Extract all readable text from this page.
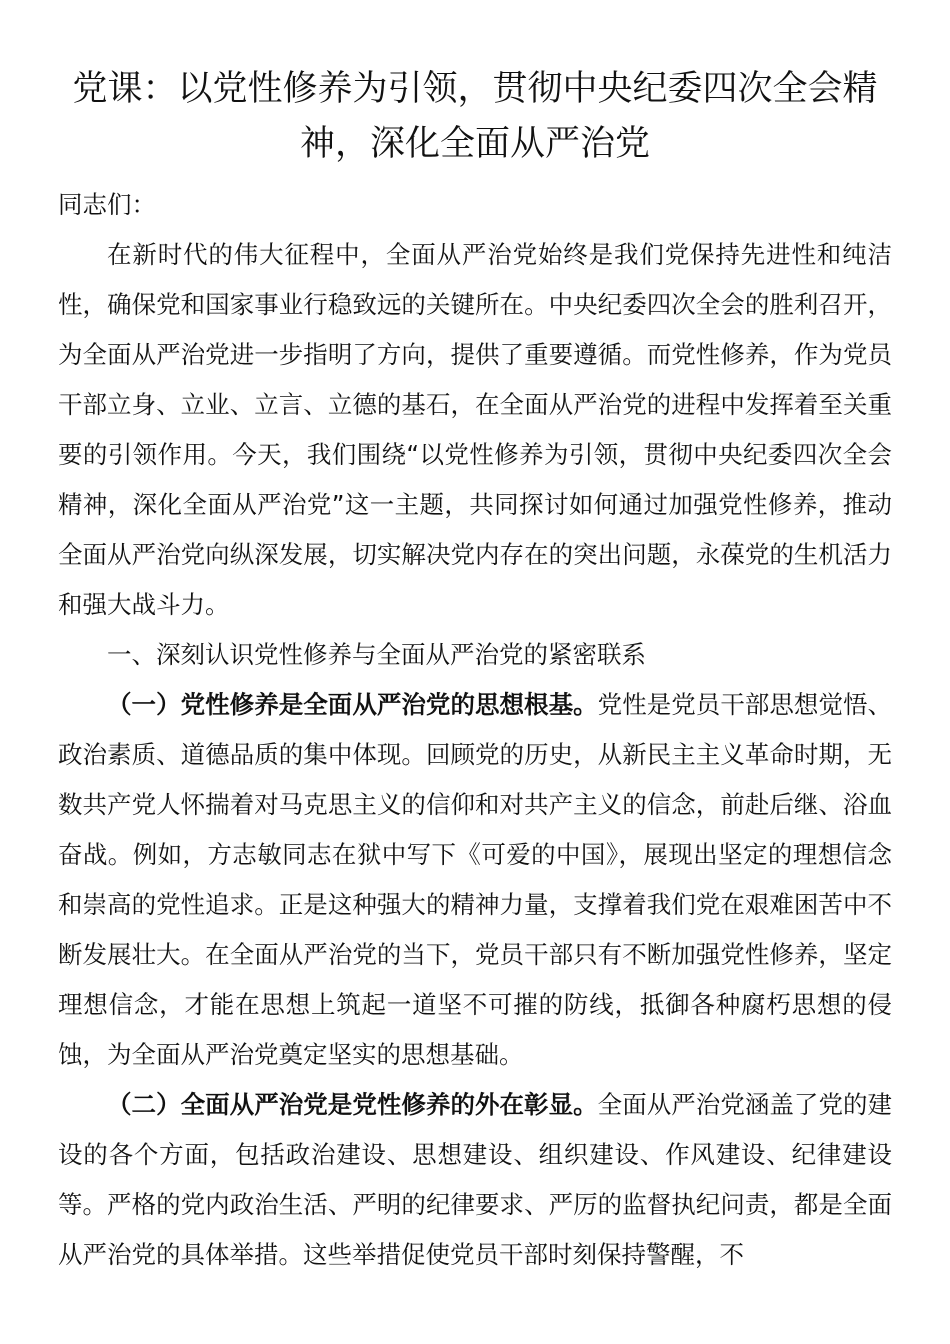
党课：以党性修养为引领，贯彻中央纪委四次全会精神，深化全面从严治党

同志们：

在新时代的伟大征程中，全面从严治党始终是我们党保持先进性和纯洁性，确保党和国家事业行稳致远的关键所在。中央纪委四次全会的胜利召开，为全面从严治党进一步指明了方向，提供了重要遵循。而党性修养，作为党员干部立身、立业、立言、立德的基石，在全面从严治党的进程中发挥着至关重要的引领作用。今天，我们围绕“以党性修养为引领，贯彻中央纪委四次全会精神，深化全面从严治党”这一主题，共同探讨如何通过加强党性修养，推动全面从严治党向纵深发展，切实解决党内存在的突出问题，永葆党的生机活力和强大战斗力。

一、深刻认识党性修养与全面从严治党的紧密联系

（一）党性修养是全面从严治党的思想根基。党性是党员干部思想觉悟、政治素质、道德品质的集中体现。回顾党的历史，从新民主主义革命时期，无数共产党人怀揣着对马克思主义的信仰和对共产主义的信念，前赴后继、浴血奋战。例如，方志敏同志在狱中写下《可爱的中国》，展现出坚定的理想信念和崇高的党性追求。正是这种强大的精神力量，支撑着我们党在艰难困苦中不断发展壮大。在全面从严治党的当下，党员干部只有不断加强党性修养，坚定理想信念，才能在思想上筑起一道坚不可摧的防线，抵御各种腐朽思想的侵蚀，为全面从严治党奠定坚实的思想基础。

（二）全面从严治党是党性修养的外在彰显。全面从严治党涵盖了党的建设的各个方面，包括政治建设、思想建设、组织建设、作风建设、纪律建设等。严格的党内政治生活、严明的纪律要求、严厉的监督执纪问责，都是全面从严治党的具体举措。这些举措促使党员干部时刻保持警醒，不
